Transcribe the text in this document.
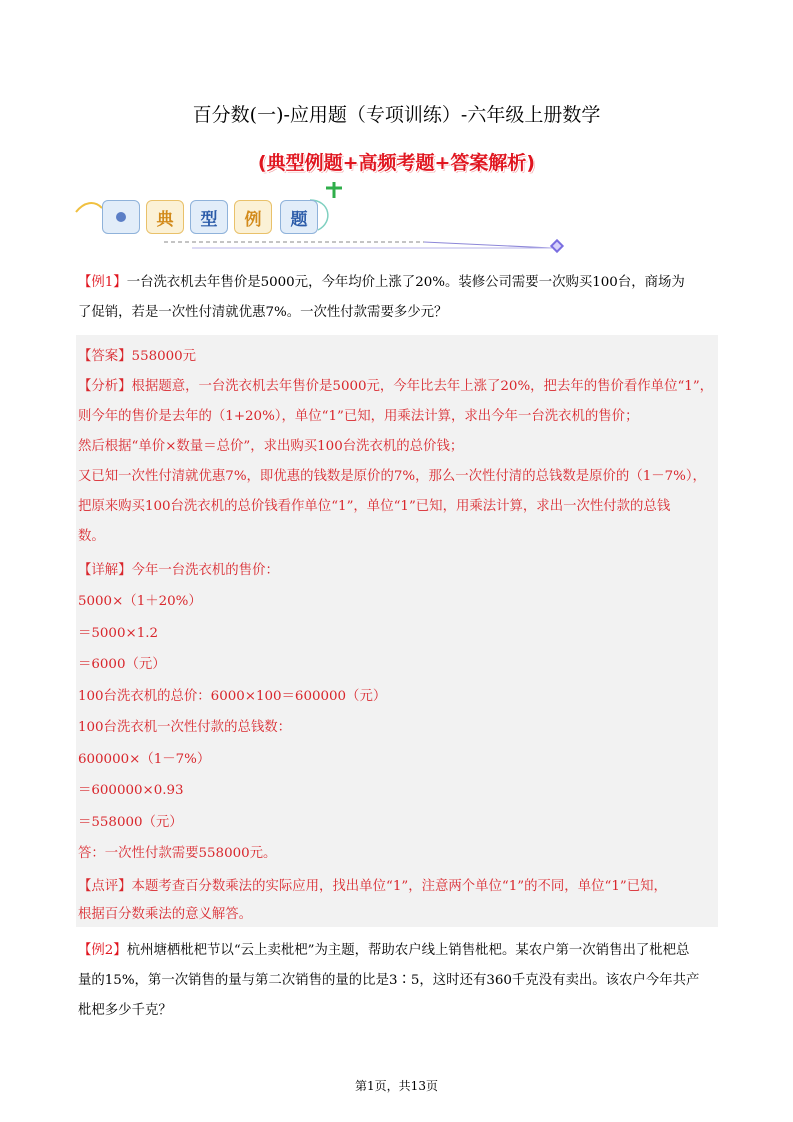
百分数(一)-应用题（专项训练）-六年级上册数学
(典型例题+高频考题+答案解析)
典	型	例	题

【例1】一台洗衣机去年售价是5000元，今年均价上涨了20%。装修公司需要一次购买100台，商场为

了促销，若是一次性付清就优惠7%。一次性付款需要多少元？

【答案】558000元
【分析】根据题意，一台洗衣机去年售价是5000元，今年比去年上涨了20%，把去年的售价看作单位“1”，
则今年的售价是去年的（1+20%），单位“1”已知，用乘法计算，求出今年一台洗衣机的售价；
然后根据“单价×数量＝总价”，求出购买100台洗衣机的总价钱；
又已知一次性付清就优惠7%，即优惠的钱数是原价的7%，那么一次性付清的总钱数是原价的（1－7%），
把原来购买100台洗衣机的总价钱看作单位“1”，单位“1”已知，用乘法计算，求出一次性付款的总钱
数。
【详解】今年一台洗衣机的售价：
5000×（1＋20%）
＝5000×1.2
＝6000（元）
100台洗衣机的总价：6000×100＝600000（元）
100台洗衣机一次性付款的总钱数：
600000×（1－7%）
＝600000×0.93
＝558000（元）
答：一次性付款需要558000元。
【点评】本题考查百分数乘法的实际应用，找出单位“1”，注意两个单位“1”的不同，单位“1”已知，
根据百分数乘法的意义解答。

【例2】杭州塘栖枇杷节以“云上卖枇杷”为主题，帮助农户线上销售枇杷。某农户第一次销售出了枇杷总

量的15%，第一次销售的量与第二次销售的量的比是3∶5，这时还有360千克没有卖出。该农户今年共产

枇杷多少千克？

第1页，共13页
